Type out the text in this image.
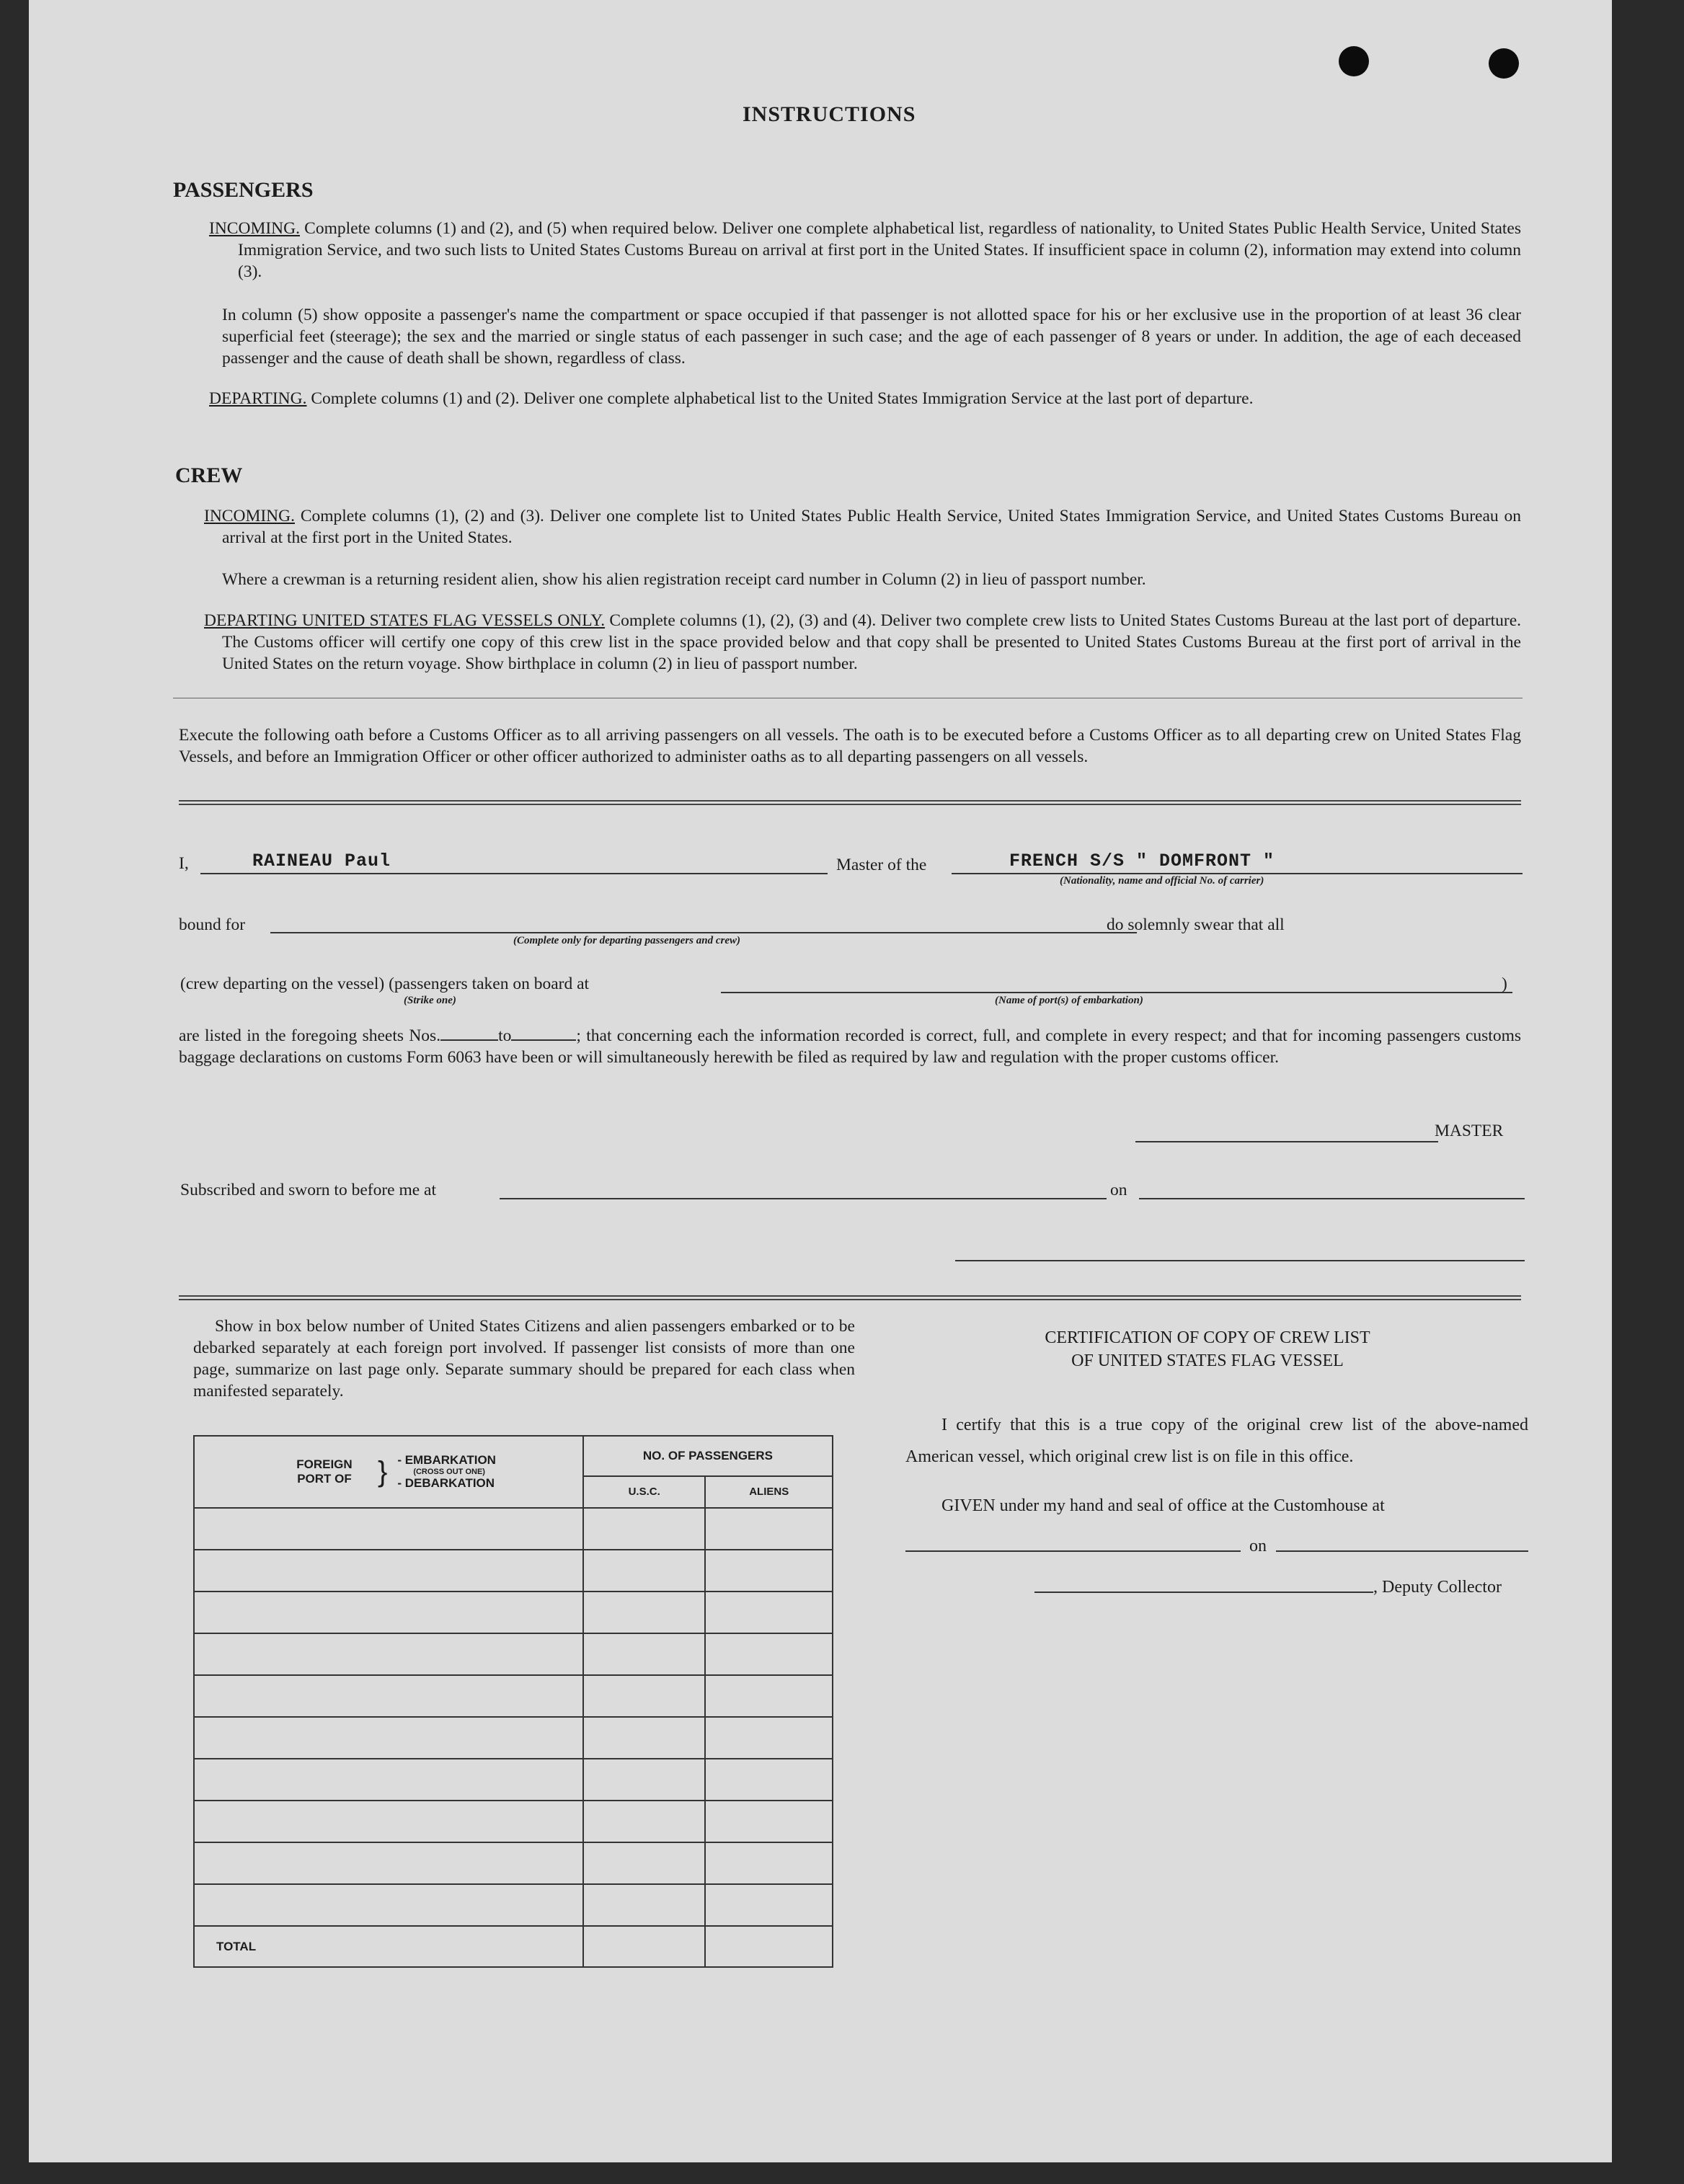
INSTRUCTIONS
PASSENGERS
INCOMING. Complete columns (1) and (2), and (5) when required below. Deliver one complete alphabetical list, regardless of nationality, to United States Public Health Service, United States Immigration Service, and two such lists to United States Customs Bureau on arrival at first port in the United States. If insufficient space in column (2), information may extend into column (3).
In column (5) show opposite a passenger's name the compartment or space occupied if that passenger is not allotted space for his or her exclusive use in the proportion of at least 36 clear superficial feet (steerage); the sex and the married or single status of each passenger in such case; and the age of each passenger of 8 years or under. In addition, the age of each deceased passenger and the cause of death shall be shown, regardless of class.
DEPARTING. Complete columns (1) and (2). Deliver one complete alphabetical list to the United States Immigration Service at the last port of departure.
CREW
INCOMING. Complete columns (1), (2) and (3). Deliver one complete list to United States Public Health Service, United States Immigration Service, and United States Customs Bureau on arrival at the first port in the United States.
Where a crewman is a returning resident alien, show his alien registration receipt card number in Column (2) in lieu of passport number.
DEPARTING UNITED STATES FLAG VESSELS ONLY. Complete columns (1), (2), (3) and (4). Deliver two complete crew lists to United States Customs Bureau at the last port of departure. The Customs officer will certify one copy of this crew list in the space provided below and that copy shall be presented to United States Customs Bureau at the first port of arrival in the United States on the return voyage. Show birthplace in column (2) in lieu of passport number.
Execute the following oath before a Customs Officer as to all arriving passengers on all vessels. The oath is to be executed before a Customs Officer as to all departing crew on United States Flag Vessels, and before an Immigration Officer or other officer authorized to administer oaths as to all departing passengers on all vessels.
I,	RAINEAU Paul	Master of the	FRENCH S/S " DOMFRONT "
(Nationality, name and official No. of carrier)
bound for
(Complete only for departing passengers and crew)
do solemnly swear that all
(crew departing on the vessel) (passengers taken on board at	)
(Strike one)	(Name of port(s) of embarkation)
are listed in the foregoing sheets Nos.	to	; that concerning each the information recorded is correct, full, and complete in every respect; and that for incoming passengers customs baggage declarations on customs Form 6063 have been or will simultaneously herewith be filed as required by law and regulation with the proper customs officer.
MASTER
Subscribed and sworn to before me at	on
Show in box below number of United States Citizens and alien passengers embarked or to be debarked separately at each foreign port involved. If passenger list consists of more than one page, summarize on last page only. Separate summary should be prepared for each class when manifested separately.
FOREIGN PORT OF } - EMBARKATION
(CROSS OUT ONE)
- DEBARKATION	NO. OF PASSENGERS	
	U.S.C.	ALIENS

TOTAL		
CERTIFICATION OF COPY OF CREW LIST
OF UNITED STATES FLAG VESSEL
I certify that this is a true copy of the original crew list of the above-named American vessel, which original crew list is on file in this office.
GIVEN under my hand and seal of office at the Customhouse at
on
, Deputy Collector
